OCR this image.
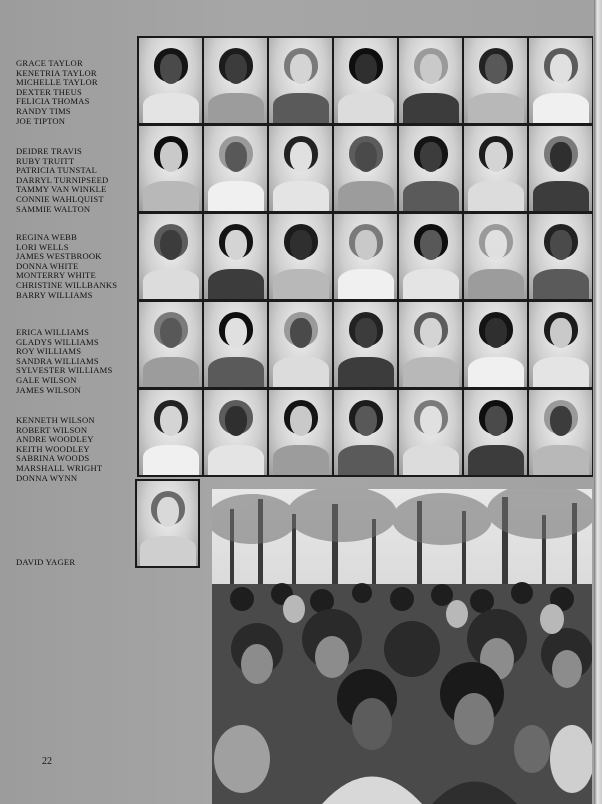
GRACE TAYLOR
KENETRIA TAYLOR
MICHELLE TAYLOR
DEXTER THEUS
FELICIA THOMAS
RANDY TIMS
JOE TIPTON
DEIDRE TRAVIS
RUBY TRUITT
PATRICIA TUNSTAL
DARRYL TURNIPSEED
TAMMY VAN WINKLE
CONNIE WAHLQUIST
SAMMIE WALTON
REGINA WEBB
LORI WELLS
JAMES WESTBROOK
DONNA WHITE
MONTERRY WHITE
CHRISTINE WILLBANKS
BARRY WILLIAMS
ERICA WILLIAMS
GLADYS WILLIAMS
ROY WILLIAMS
SANDRA WILLIAMS
SYLVESTER WILLIAMS
GALE WILSON
JAMES WILSON
KENNETH WILSON
ROBERT WILSON
ANDRE WOODLEY
KEITH WOODLEY
SABRINA WOODS
MARSHALL WRIGHT
DONNA WYNN
DAVID YAGER
22
